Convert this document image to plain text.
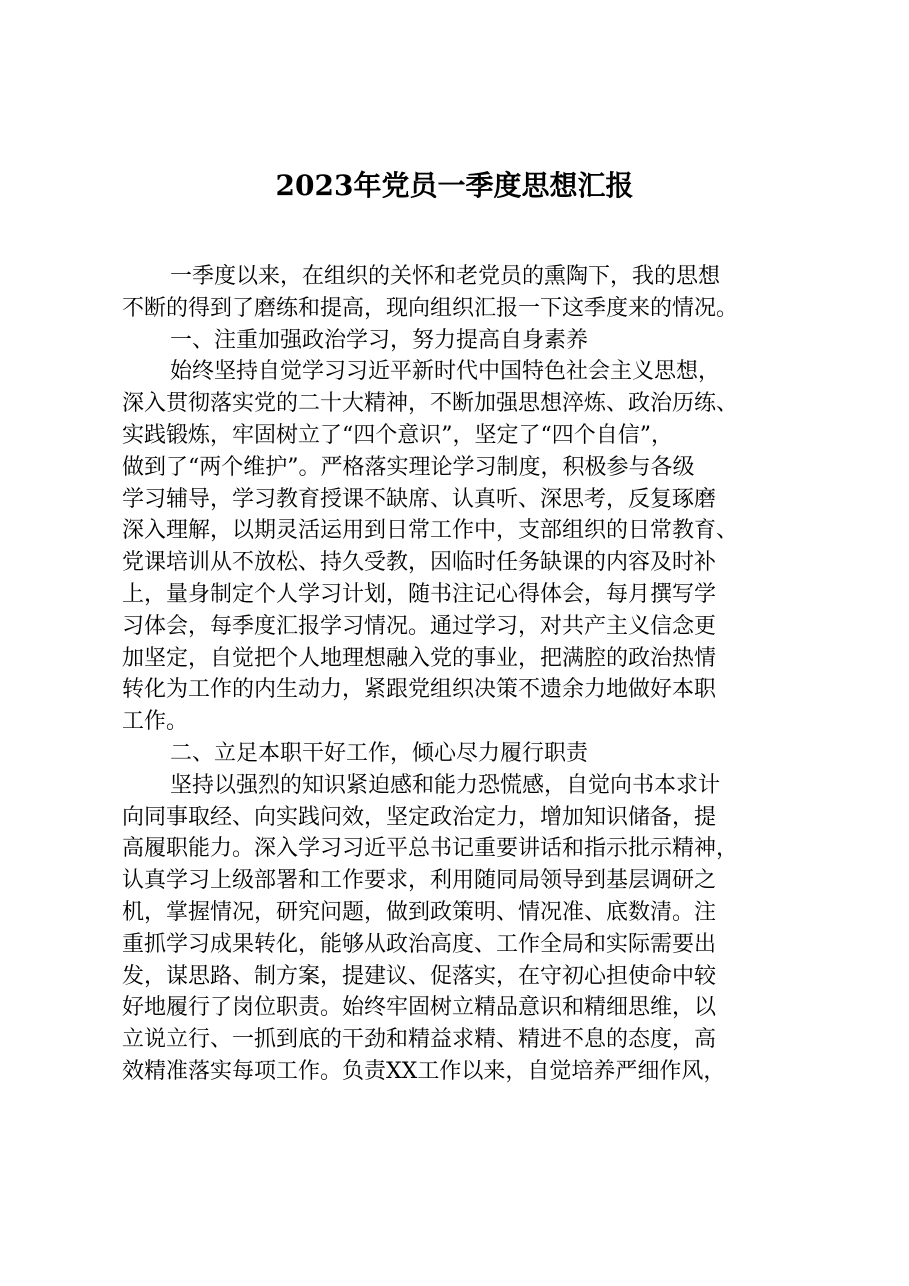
2023年党员一季度思想汇报
一季度以来，在组织的关怀和老党员的熏陶下，我的思想
不断的得到了磨练和提高，现向组织汇报一下这季度来的情况。
一、注重加强政治学习，努力提高自身素养
始终坚持自觉学习习近平新时代中国特色社会主义思想，
深入贯彻落实党的二十大精神，不断加强思想淬炼、政治历练、
实践锻炼，牢固树立了“四个意识”，坚定了“四个自信”，
做到了“两个维护”。严格落实理论学习制度，积极参与各级
学习辅导，学习教育授课不缺席、认真听、深思考，反复琢磨
深入理解，以期灵活运用到日常工作中，支部组织的日常教育、
党课培训从不放松、持久受教，因临时任务缺课的内容及时补
上，量身制定个人学习计划，随书注记心得体会，每月撰写学
习体会，每季度汇报学习情况。通过学习，对共产主义信念更
加坚定，自觉把个人地理想融入党的事业，把满腔的政治热情
转化为工作的内生动力，紧跟党组织决策不遗余力地做好本职
工作。
二、立足本职干好工作，倾心尽力履行职责
坚持以强烈的知识紧迫感和能力恐慌感，自觉向书本求计
向同事取经、向实践问效，坚定政治定力，增加知识储备，提
高履职能力。深入学习习近平总书记重要讲话和指示批示精神，
认真学习上级部署和工作要求，利用随同局领导到基层调研之
机，掌握情况，研究问题，做到政策明、情况准、底数清。注
重抓学习成果转化，能够从政治高度、工作全局和实际需要出
发，谋思路、制方案，提建议、促落实，在守初心担使命中较
好地履行了岗位职责。始终牢固树立精品意识和精细思维，以
立说立行、一抓到底的干劲和精益求精、精进不息的态度，高
效精准落实每项工作。负责XX工作以来，自觉培养严细作风，
